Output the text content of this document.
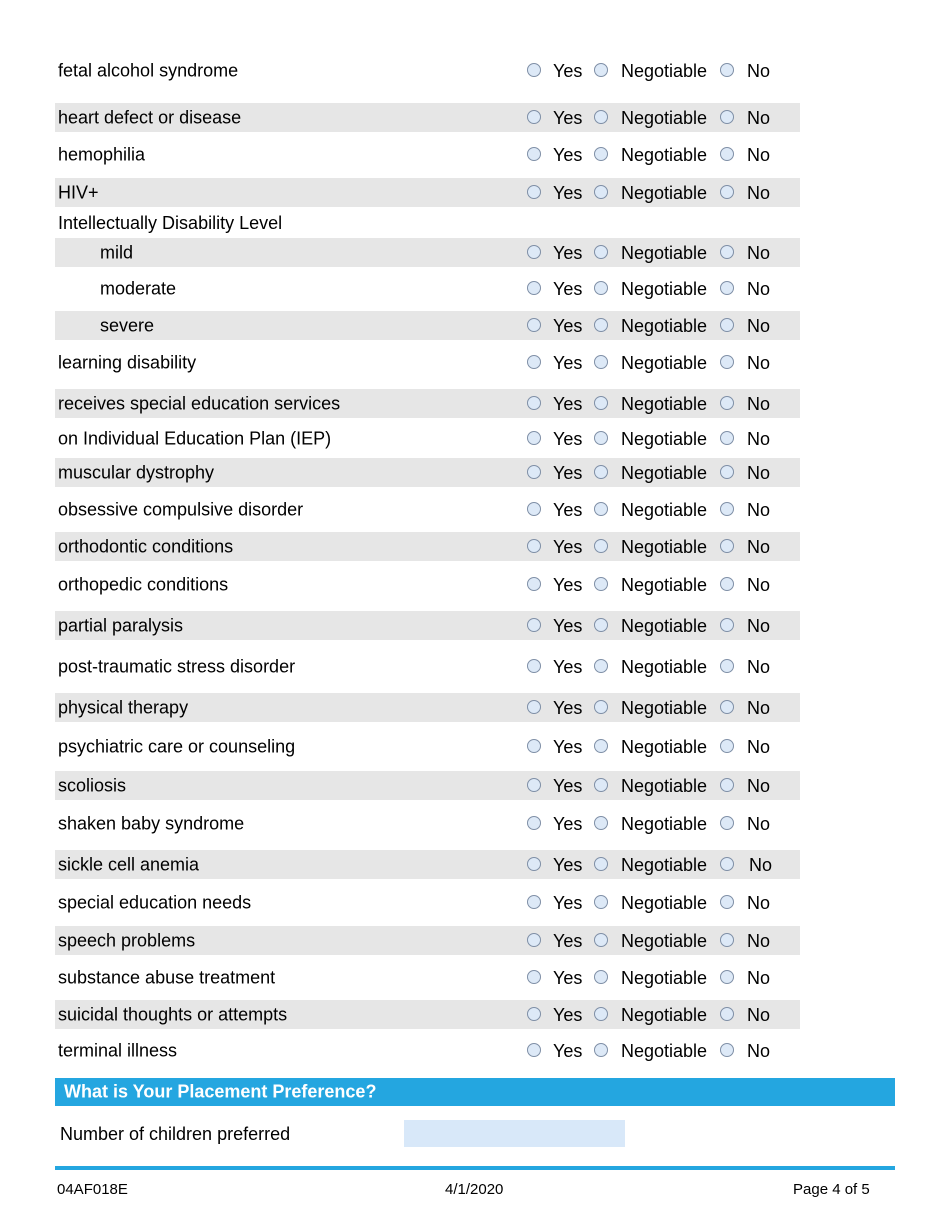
fetal alcohol syndrome	Yes Negotiable No
heart defect or disease	Yes Negotiable No
hemophilia	Yes Negotiable No
HIV+	Yes Negotiable No
Intellectually Disability Level
mild	Yes Negotiable No
moderate	Yes Negotiable No
severe	Yes Negotiable No
learning disability	Yes Negotiable No
receives special education services	Yes Negotiable No
on Individual Education Plan (IEP)	Yes Negotiable No
muscular dystrophy	Yes Negotiable No
obsessive compulsive disorder	Yes Negotiable No
orthodontic conditions	Yes Negotiable No
orthopedic conditions	Yes Negotiable No
partial paralysis	Yes Negotiable No
post-traumatic stress disorder	Yes Negotiable No
physical therapy	Yes Negotiable No
psychiatric care or counseling	Yes Negotiable No
scoliosis	Yes Negotiable No
shaken baby syndrome	Yes Negotiable No
sickle cell anemia	Yes Negotiable No
special education needs	Yes Negotiable No
speech problems	Yes Negotiable No
substance abuse treatment	Yes Negotiable No
suicidal thoughts or attempts	Yes Negotiable No
terminal illness	Yes Negotiable No
What is Your Placement Preference?
Number of children preferred
04AF018E	4/1/2020	Page 4 of 5
